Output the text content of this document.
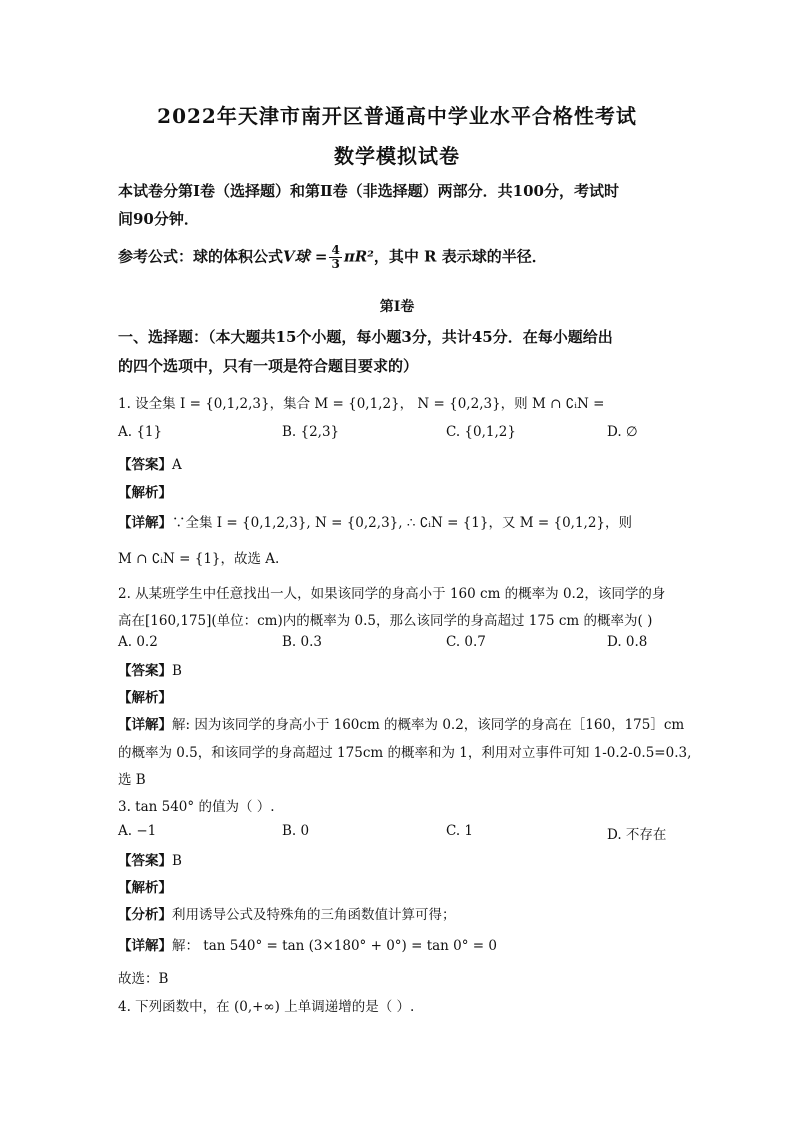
2022年天津市南开区普通高中学业水平合格性考试
数学模拟试卷
本试卷分第Ⅰ卷（选择题）和第Ⅱ卷（非选择题）两部分．共100分，考试时
间90分钟．
参考公式：球的体积公式V球 = $\frac{4}{3} \pi R^2$，其中 R 表示球的半径．
第Ⅰ卷
一、选择题：（本大题共15个小题，每小题3分，共计45分．在每小题给出
的四个选项中，只有一项是符合题目要求的）
1. 设全集 I = {0,1,2,3}，集合 M = {0,1,2}， N = {0,2,3}，则 M ∩ ∁ᵢN =
A. {1}	B. {2,3}	C. {0,1,2}	D. ∅
【答案】A
【解析】
【详解】∵全集 I = {0,1,2,3}, N = {0,2,3}, ∴ ∁ᵢN = {1}，又 M = {0,1,2}，则
M ∩ ∁ᵢN = {1}，故选 A.
2. 从某班学生中任意找出一人，如果该同学的身高小于 160 cm 的概率为 0.2，该同学的身
高在[160,175](单位：cm)内的概率为 0.5，那么该同学的身高超过 175 cm 的概率为( )
A. 0.2	B. 0.3	C. 0.7	D. 0.8
【答案】B
【解析】
【详解】解: 因为该同学的身高小于 160cm 的概率为 0.2，该同学的身高在［160，175］cm
的概率为 0.5，和该同学的身高超过 175cm 的概率和为 1，利用对立事件可知 1-0.2-0.5=0.3,
选 B
3. tan 540° 的值为（ ）.
A. −1	B. 0	C. 1	D. 不存在
【答案】B
【解析】
【分析】利用诱导公式及特殊角的三角函数值计算可得；
【详解】解： tan 540° = tan (3×180° + 0°) = tan 0° = 0
故选：B
4. 下列函数中，在 (0,+∞) 上单调递增的是（ ）.
